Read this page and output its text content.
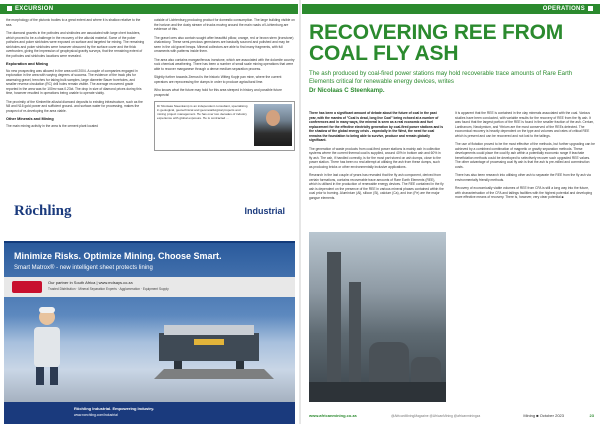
EXCURSION

the morphology of the plutonic bodies to a great extent and where it is shallow relative to the sea.

The diamond gravels in the potholes and sinkholes are associated with large chert boulders, which proved to be a challenge in the recovery of the alluvial material. Some of the poker potholes and poker sinkholes were exposed on surface and targeted for mining. The remaining sinkholes and poker sinkholes were however obscured by the surface cover and the thick overburden, giving the impression of geophysical gravity surveys, that the remaining extent of the potholes and sinkholes locations were revealed.

Exploration and Mining

No new prospecting was allowed in the area until 2004. A couple of companies engaged in exploration in the area with varying degrees of success. The evidence of the track pits for assessing gravel, trenches for taking bulk samples, large diameter Bauer boreholes, and smaller reverse circulation (RC) drill holes remain visible. The average recovered grade reported in the area was for 100m³ was 0.23ct. The drop in size of diamond prices during this time, however resulted in operations being unable to operate viably.

The proximity of the Kimberlite alluvial diamond deposits to existing infrastructure, such as the N8 and N16 gold power and sufficient ground- and surface-water for processing, makes the prospect of re-developing the area viable.

Other Minerals and Mining

The main mining activity in the area is the cement plant located

outside of Lichtenburg producing product for domestic consumption. The large building visible on the horizon and the dusty stream of trucks moving around the main roads of Lichtenburg are evidence of this.

The gravel ores also contain sought after beautiful pillow, orange, red or brown stern (ironstone) chalcedony. These semi-precious gemstones are basically sourced and polished and may be seen in the old gravel heaps. Mineral collectors are able to find many fragments, with full ornaments with patterns inside them.

The area also contains manganiferous ironstone, which are associated with the dolomite country rock chemical weathering. There has been a number of small scale mining operations that were able to recover manganese through a dense medium separation process.

Slightly further towards Zeerust is the historic Witteg Kopje pan mine, where the current operators are reprocessing the dumps in order to produce agricultural lime.

Who knows what the future may hold for this area steeped in history and possible future prospects!

Dr Nicolaas Steenkamp is an independent consultant, specialising in geological, geotechnical and geometallurgical projects and mining project management. He has over two decades of industry experience with global exposure. He is contracted ...
Röchling	Industrial
Minimize Risks. Optimize Mining. Choose Smart.
Smart Matrox® - new intelligent sheet protects lining
Our partner in South Africa | www.mdsays.co.za
Trusted Distribution · Mineral Separation Experts · Agglomeration · Equipment Supply
Röchling Industrial. Empowering Industry.
www.roechling.com/industrial
OPERATIONS
RECOVERING REE FROM
COAL FLY ASH

The ash produced by coal-fired power stations may hold recoverable trace amounts of Rare Earth Elements critical for renewable energy devices, writes

Dr Nicolaas C Steenkamp.

There has been a significant amount of debate about the future of coal in the past year, with the mantra of "Coal is dead, long live Coal" being echoed at a number of conferences and in many ways, the mineral is seen as a real economic and fuel replacement for the effective electricity generation by coal-fired power stations and is the shadow of the global energy crisis - especially in the West, the need for coal remains the foundation to being able to survive, produce and remain globally significant.

The generation of waste products from coal-fired power stations is mainly ash in collection systems where the current thermal coal is supplied, around 40% in bottom ash and 60% in fly ash. The ash, if handled correctly, is for the most part stored on ash dumps, close to the power station. There has been no real attempt at utilising the ash from these dumps, such as producing bricks or other environmentally inclusive applications.

Research in the last couple of years has revealed that the fly ash component, derived from certain formations, contains recoverable trace amounts of Rare Earth Elements (REE), which is utilised in the production of renewable energy devices. The REE contained in the fly ash is dependent on the presence of the REE in various mineral phases contained within the coal prior to burning. Aluminium (Al), silicon (Si), calcium (Ca), and iron (Fe) are the major gangue elements.

It is apparent that the REE is contained in the clay minerals associated with the coal. Various studies have been conducted, with variable results for the recovery of REE from the fly ash. It was found that the largest portion of the REE is found in the smaller fraction of the ash. Cerium, Lanthanum, Neodymium, and Yttrium are the most conserved of the REEs detected. The economical recovery is heavily dependent on the type and volumes and rates of critical REE which is present and can be recovered and not lost to the tailings.

The use of flotation proved to be the most effective of the methods, but further upgrading can be achieved by a combined combination of magnetic or gravity separation methods. These developments could place the coal fly ash within a potentially economic range if leachate beneficiation methods could be developed to selectively recover such upgraded REE values. The other advantage of processing coal fly ash is that the ash is pre-milled and comminution costs.

There has also been research into utilising other ash to separate the REE from the fly ash via environmentally friendly methods.

Recovery of economically viable volumes of REE from CFA is still a long way into the future, with characterisation of the CFA and tailings facilities with the highest potential and developing more effective means of recovery. There is, however, very clear potential ■

www.africanmining.co.za	@AfricanMiningMagazine @AfricanMining @africanminingza	Mining ■ October 2023	23
